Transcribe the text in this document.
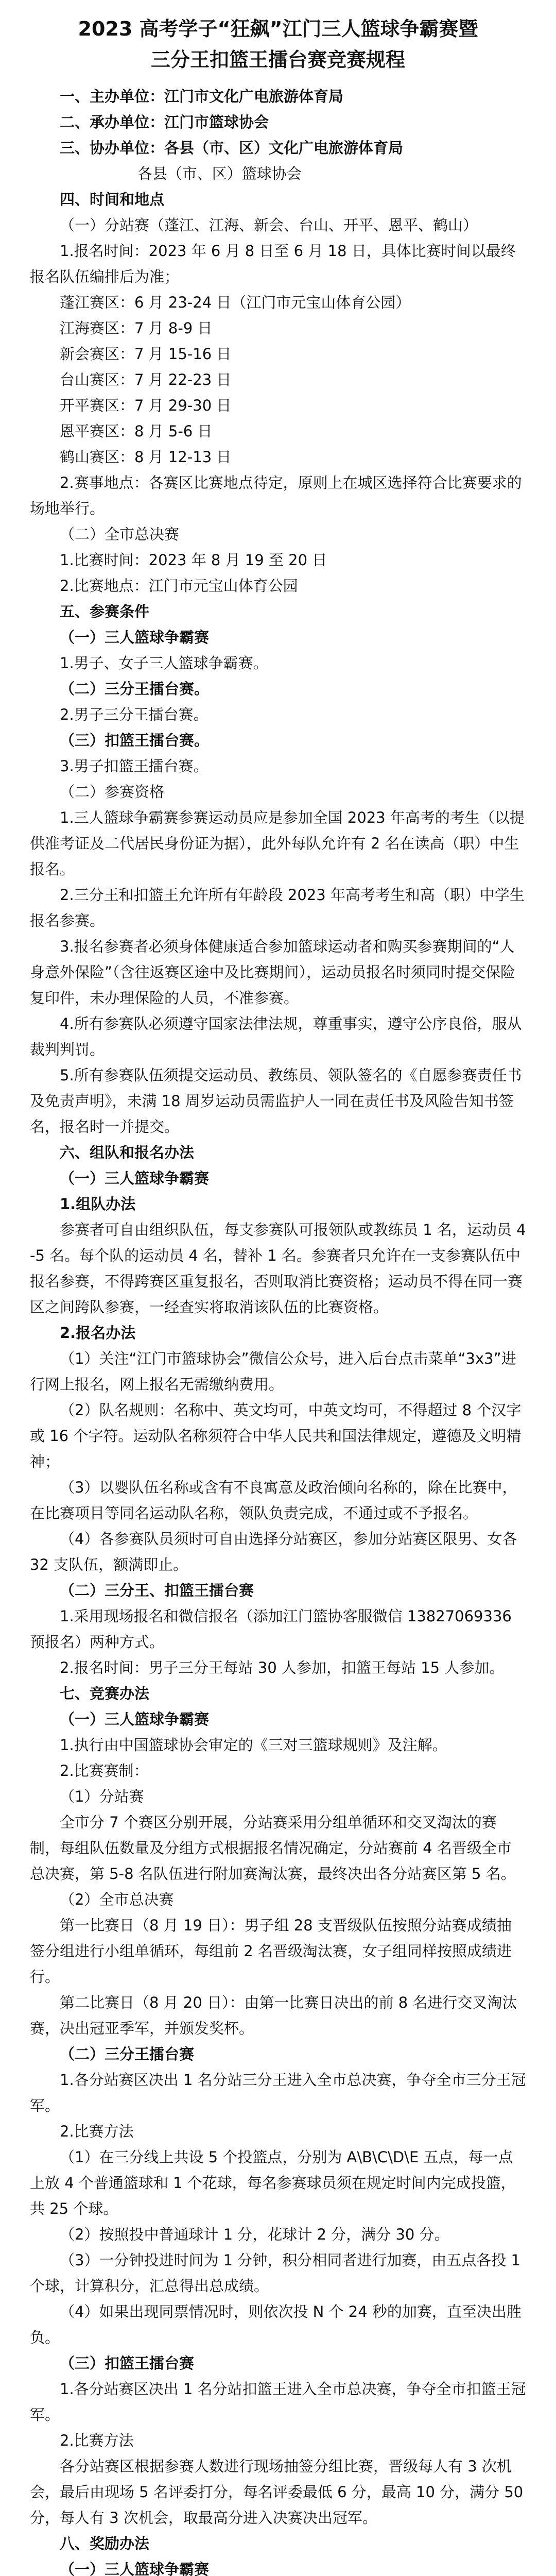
2023 高考学子“狂飙”江门三人篮球争霸赛暨
三分王扣篮王擂台赛竞赛规程

一、主办单位：江门市文化广电旅游体育局

二、承办单位：江门市篮球协会

三、协办单位：各县（市、区）文化广电旅游体育局

各县（市、区）篮球协会

四、时间和地点

（一）分站赛（蓬江、江海、新会、台山、开平、恩平、鹤山）

1.报名时间：2023 年 6 月 8 日至 6 月 18 日，具体比赛时间以最终报名队伍编排后为准；

蓬江赛区：6 月 23-24 日（江门市元宝山体育公园）

江海赛区：7 月 8-9 日

新会赛区：7 月 15-16 日

台山赛区：7 月 22-23 日

开平赛区：7 月 29-30 日

恩平赛区：8 月 5-6 日

鹤山赛区：8 月 12-13 日

2.赛事地点：各赛区比赛地点待定，原则上在城区选择符合比赛要求的场地举行。

（二）全市总决赛

1.比赛时间：2023 年 8 月 19 至 20 日

2.比赛地点：江门市元宝山体育公园

五、参赛条件

（一）三人篮球争霸赛

1.男子、女子三人篮球争霸赛。

（二）三分王擂台赛。

2.男子三分王擂台赛。

（三）扣篮王擂台赛。

3.男子扣篮王擂台赛。

（二）参赛资格

1.三人篮球争霸赛参赛运动员应是参加全国 2023 年高考的考生（以提供准考证及二代居民身份证为据），此外每队允许有 2 名在读高（职）中生报名。

2.三分王和扣篮王允许所有年龄段 2023 年高考考生和高（职）中学生报名参赛。

3.报名参赛者必须身体健康适合参加篮球运动者和购买参赛期间的“人身意外保险”（含往返赛区途中及比赛期间），运动员报名时须同时提交保险复印件，未办理保险的人员，不准参赛。

4.所有参赛队必须遵守国家法律法规，尊重事实，遵守公序良俗，服从裁判判罚。

5.所有参赛队伍须提交运动员、教练员、领队签名的《自愿参赛责任书及免责声明》，未满 18 周岁运动员需监护人一同在责任书及风险告知书签名，报名时一并提交。

六、组队和报名办法

（一）三人篮球争霸赛

1.组队办法

参赛者可自由组织队伍，每支参赛队可报领队或教练员 1 名，运动员 4-5 名。每个队的运动员 4 名，替补 1 名。参赛者只允许在一支参赛队伍中报名参赛，不得跨赛区重复报名，否则取消比赛资格；运动员不得在同一赛区之间跨队参赛，一经查实将取消该队伍的比赛资格。

2.报名办法

（1）关注“江门市篮球协会”微信公众号，进入后台点击菜单“3x3”进行网上报名，网上报名无需缴纳费用。

（2）队名规则：名称中、英文均可，中英文均可，不得超过 8 个汉字或 16 个字符。运动队名称须符合中华人民共和国法律规定，遵德及文明精神；

（3）以婴队伍名称或含有不良寓意及政治倾向名称的，除在比赛中，在比赛项目等同名运动队名称，领队负责完成，不通过或不予报名。

（4）各参赛队员须时可自由选择分站赛区，参加分站赛区限男、女各 32 支队伍，额满即止。

（二）三分王、扣篮王擂台赛

1.采用现场报名和微信报名（添加江门篮协客服微信 13827069336 预报名）两种方式。

2.报名时间：男子三分王每站 30 人参加，扣篮王每站 15 人参加。

七、竞赛办法

（一）三人篮球争霸赛

1.执行由中国篮球协会审定的《三对三篮球规则》及注解。

2.比赛赛制：

（1）分站赛

全市分 7 个赛区分别开展，分站赛采用分组单循环和交叉淘汰的赛制，每组队伍数量及分组方式根据报名情况确定，分站赛前 4 名晋级全市总决赛，第 5-8 名队伍进行附加赛淘汰赛，最终决出各分站赛区第 5 名。

（2）全市总决赛

第一比赛日（8 月 19 日）：男子组 28 支晋级队伍按照分站赛成绩抽签分组进行小组单循环，每组前 2 名晋级淘汰赛，女子组同样按照成绩进行。

第二比赛日（8 月 20 日）：由第一比赛日决出的前 8 名进行交叉淘汰赛，决出冠亚季军，并颁发奖杯。

（二）三分王擂台赛

1.各分站赛区决出 1 名分站三分王进入全市总决赛，争夺全市三分王冠军。

2.比赛方法

（1）在三分线上共设 5 个投篮点，分别为 A\B\C\D\E 五点，每一点上放 4 个普通篮球和 1 个花球，每名参赛球员须在规定时间内完成投篮，共 25 个球。

（2）按照投中普通球计 1 分，花球计 2 分，满分 30 分。

（3）一分钟投进时间为 1 分钟，积分相同者进行加赛，由五点各投 1 个球，计算积分，汇总得出总成绩。

（4）如果出现同票情况时，则依次投 N 个 24 秒的加赛，直至决出胜负。

（三）扣篮王擂台赛

1.各分站赛区决出 1 名分站扣篮王进入全市总决赛，争夺全市扣篮王冠军。

2.比赛方法

各分站赛区根据参赛人数进行现场抽签分组比赛，晋级每人有 3 次机会，最后由现场 5 名评委打分，每名评委最低 6 分，最高 10 分，满分 50 分，每人有 3 次机会，取最高分进入决赛决出冠军。

八、奖励办法

（一）三人篮球争霸赛
